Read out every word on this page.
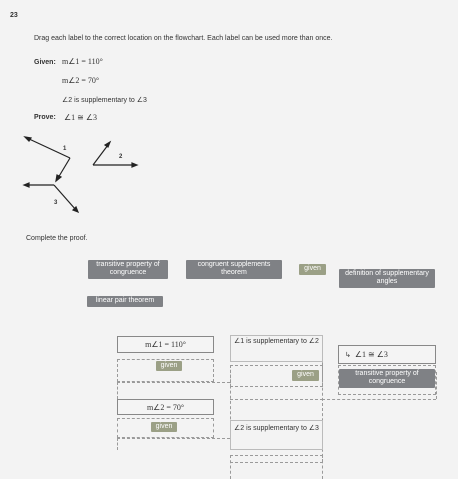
23
Drag each label to the correct location on the flowchart. Each label can be used more than once.
Given: m∠1 = 110°
m∠2 = 70°
∠2 is supplementary to ∠3
Prove: ∠1 ≅ ∠3
1
2
3
Complete the proof.
transitive property of congruence
congruent supplements theorem
given
definition of supplementary angles
linear pair theorem
m∠1 = 110°
given
∠1 is supplementary to ∠2
given
↳ ∠1 ≅ ∠3
transitive property of congruence
m∠2 = 70°
given	∠2 is supplementary to ∠3
